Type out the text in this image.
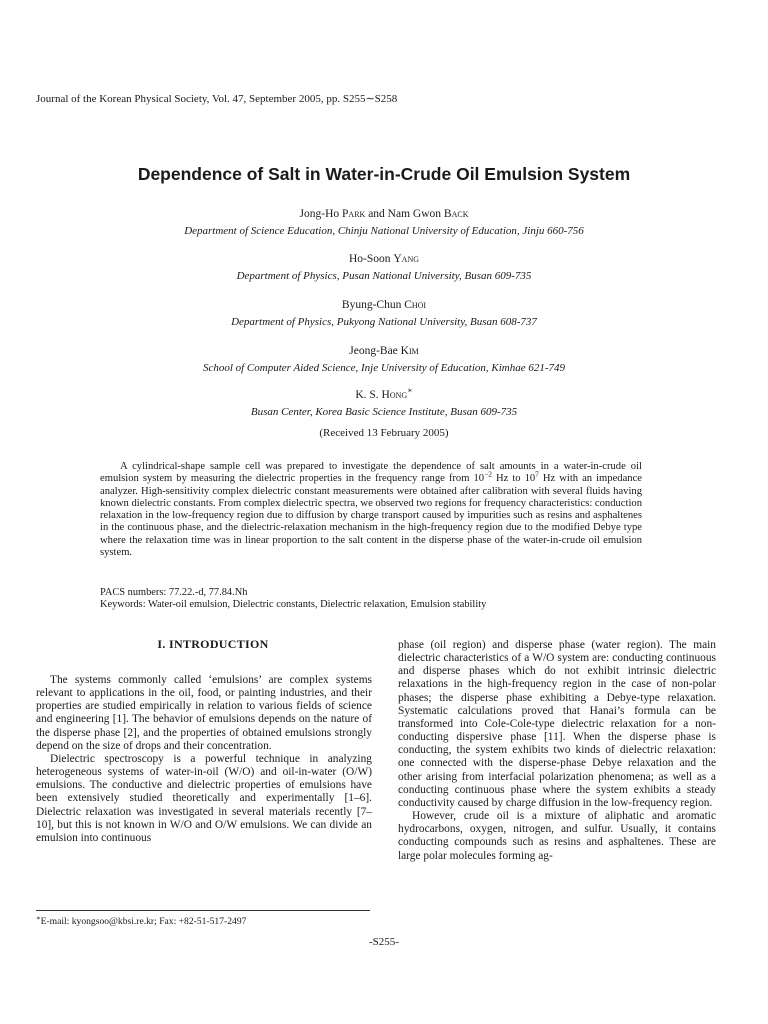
Journal of the Korean Physical Society, Vol. 47, September 2005, pp. S255∼S258
Dependence of Salt in Water-in-Crude Oil Emulsion System
Jong-Ho Park and Nam Gwon Back
Department of Science Education, Chinju National University of Education, Jinju 660-756
Ho-Soon Yang
Department of Physics, Pusan National University, Busan 609-735
Byung-Chun Choi
Department of Physics, Pukyong National University, Busan 608-737
Jeong-Bae Kim
School of Computer Aided Science, Inje University of Education, Kimhae 621-749
K. S. Hong∗
Busan Center, Korea Basic Science Institute, Busan 609-735
(Received 13 February 2005)
A cylindrical-shape sample cell was prepared to investigate the dependence of salt amounts in a water-in-crude oil emulsion system by measuring the dielectric properties in the frequency range from $10^{-2}$ Hz to $10^7$ Hz with an impedance analyzer. High-sensitivity complex dielectric constant measurements were obtained after calibration with several fluids having known dielectric constants. From complex dielectric spectra, we observed two regions for frequency characteristics: conduction relaxation in the low-frequency region due to diffusion by charge transport caused by impurities such as resins and asphaltenes in the continuous phase, and the dielectric-relaxation mechanism in the high-frequency region due to the modified Debye type where the relaxation time was in linear proportion to the salt content in the disperse phase of the water-in-crude oil emulsion system.
PACS numbers: 77.22.-d, 77.84.Nh
Keywords: Water-oil emulsion, Dielectric constants, Dielectric relaxation, Emulsion stability
I. INTRODUCTION

The systems commonly called ‘emulsions’ are complex systems relevant to applications in the oil, food, or painting industries, and their properties are studied empirically in relation to various fields of science and engineering [1]. The behavior of emulsions depends on the nature of the disperse phase [2], and the properties of obtained emulsions strongly depend on the size of drops and their concentration.

Dielectric spectroscopy is a powerful technique in analyzing heterogeneous systems of water-in-oil (W/O) and oil-in-water (O/W) emulsions. The conductive and dielectric properties of emulsions have been extensively studied theoretically and experimentally [1–6]. Dielectric relaxation was investigated in several materials recently [7–10], but this is not known in W/O and O/W emulsions. We can divide an emulsion into continuous

phase (oil region) and disperse phase (water region). The main dielectric characteristics of a W/O system are: conducting continuous and disperse phases which do not exhibit intrinsic dielectric relaxations in the high-frequency region in the case of non-polar phases; the disperse phase exhibiting a Debye-type relaxation. Systematic calculations proved that Hanai’s formula can be transformed into Cole-Cole-type dielectric relaxation for a non-conducting dispersive phase [11]. When the disperse phase is conducting, the system exhibits two kinds of dielectric relaxation: one connected with the disperse-phase Debye relaxation and the other arising from interfacial polarization phenomena; as well as a conducting continuous phase where the system exhibits a steady conductivity caused by charge diffusion in the low-frequency region.

However, crude oil is a mixture of aliphatic and aromatic hydrocarbons, oxygen, nitrogen, and sulfur. Usually, it contains conducting compounds such as resins and asphaltenes. These are large polar molecules forming ag-

∗E-mail: kyongsoo@kbsi.re.kr; Fax: +82-51-517-2497
-S255-
